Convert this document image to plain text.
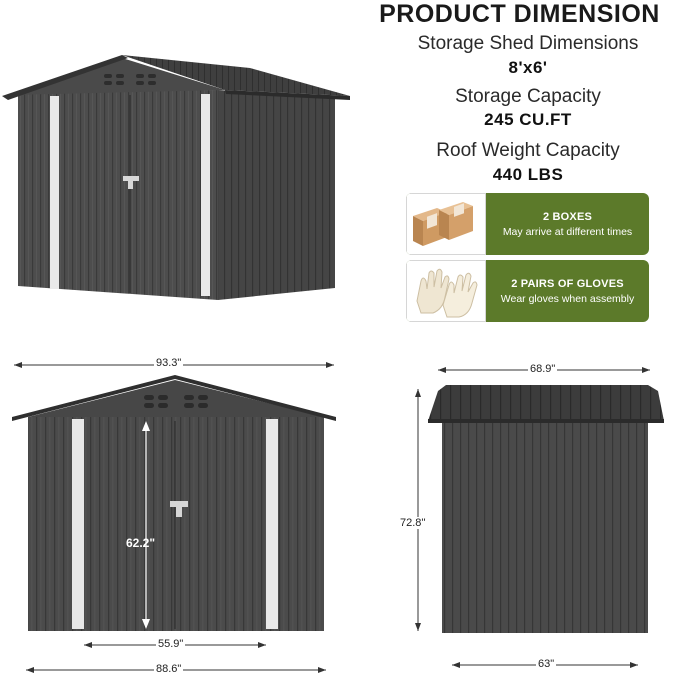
PRODUCT DIMENSION
Storage Shed Dimensions
8'x6'
Storage Capacity
245 CU.FT
Roof Weight Capacity
440 LBS
2 BOXES
May arrive at different times
2 PAIRS OF GLOVES
Wear gloves when assembly
93.3"
62.2"
55.9"
88.6"
68.9"
72.8''
63"
